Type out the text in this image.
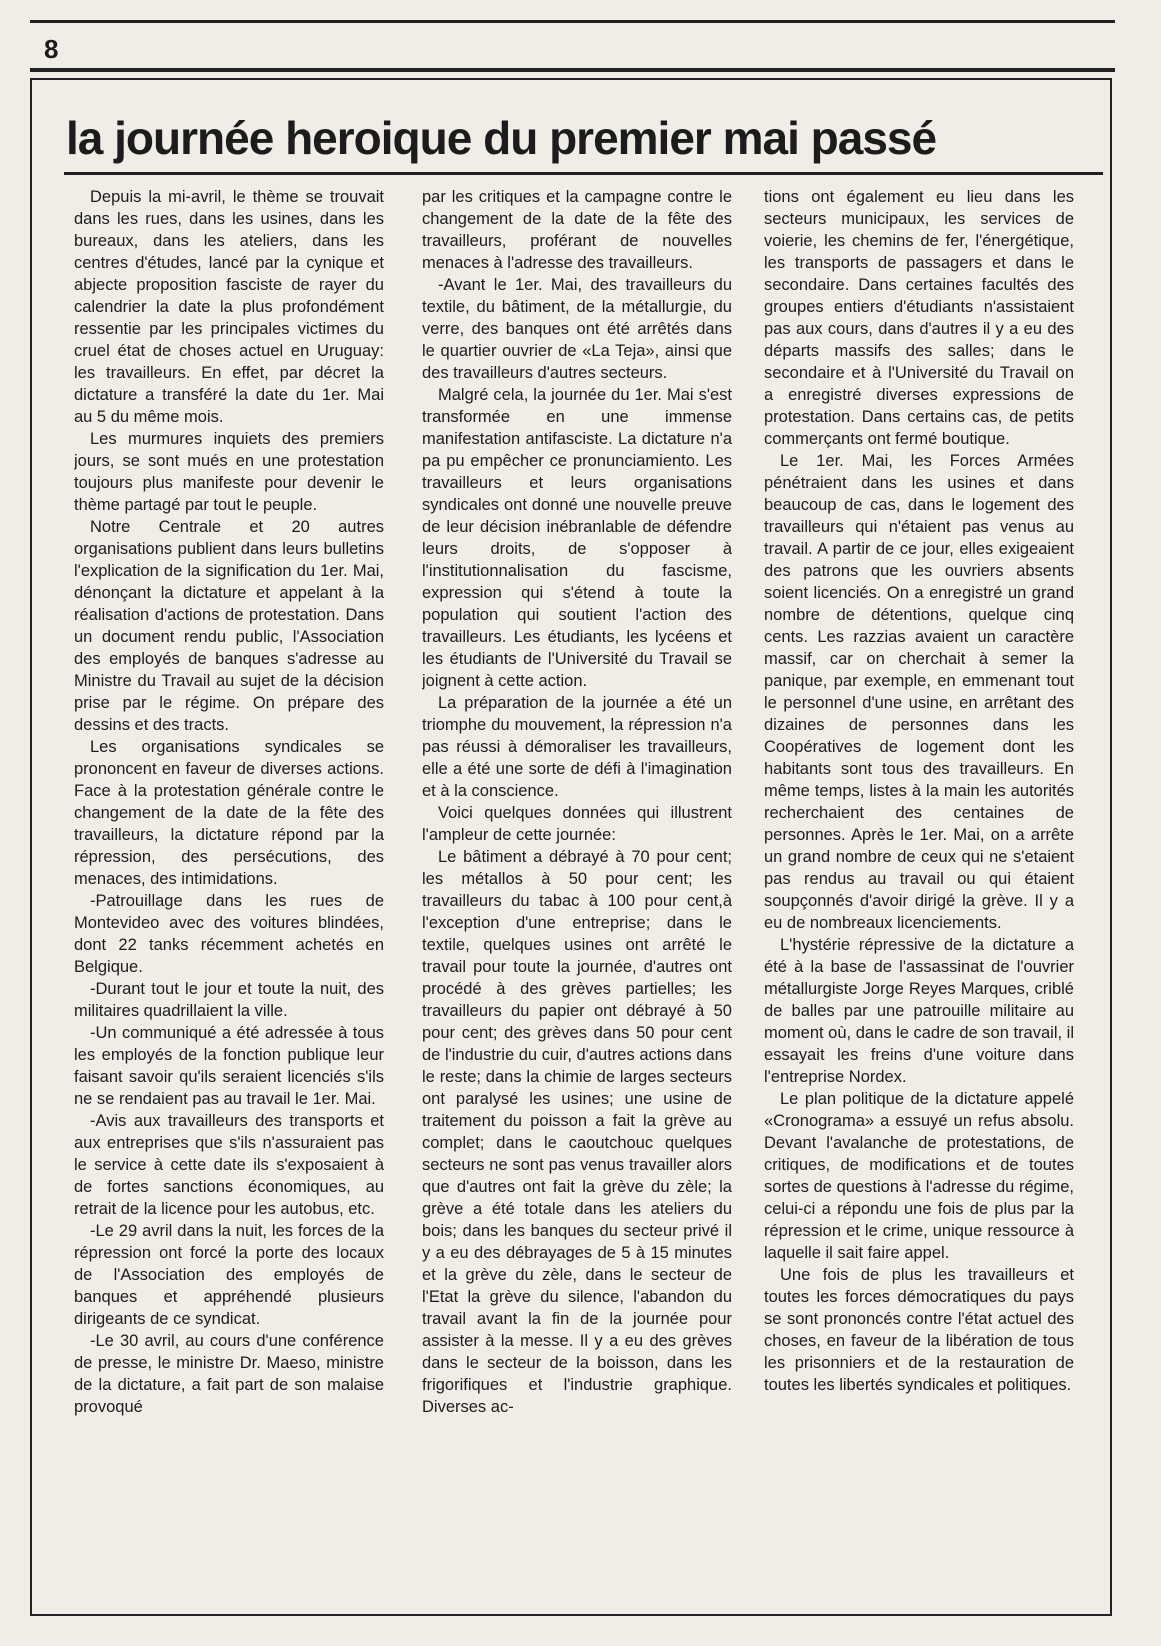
8
la journée heroique du premier mai passé

Depuis la mi-avril, le thème se trouvait dans les rues, dans les usines, dans les bureaux, dans les ateliers, dans les centres d'études, lancé par la cynique et abjecte proposition fasciste de rayer du calendrier la date la plus profondément ressentie par les principales victimes du cruel état de choses actuel en Uruguay: les travailleurs. En effet, par décret la dictature a transféré la date du 1er. Mai au 5 du même mois.

Les murmures inquiets des premiers jours, se sont mués en une protestation toujours plus manifeste pour devenir le thème partagé par tout le peuple.

Notre Centrale et 20 autres organisations publient dans leurs bulletins l'explication de la signification du 1er. Mai, dénonçant la dictature et appelant à la réalisation d'actions de protestation. Dans un document rendu public, l'Association des employés de banques s'adresse au Ministre du Travail au sujet de la décision prise par le régime. On prépare des dessins et des tracts.

Les organisations syndicales se prononcent en faveur de diverses actions. Face à la protestation générale contre le changement de la date de la fête des travailleurs, la dictature répond par la répression, des persécutions, des menaces, des intimidations.

-Patrouillage dans les rues de Montevideo avec des voitures blindées, dont 22 tanks récemment achetés en Belgique.

-Durant tout le jour et toute la nuit, des militaires quadrillaient la ville.

-Un communiqué a été adressée à tous les employés de la fonction publique leur faisant savoir qu'ils seraient licenciés s'ils ne se rendaient pas au travail le 1er. Mai.

-Avis aux travailleurs des transports et aux entreprises que s'ils n'assuraient pas le service à cette date ils s'exposaient à de fortes sanctions économiques, au retrait de la licence pour les autobus, etc.

-Le 29 avril dans la nuit, les forces de la répression ont forcé la porte des locaux de l'Association des employés de banques et appréhendé plusieurs dirigeants de ce syndicat.

-Le 30 avril, au cours d'une conférence de presse, le ministre Dr. Maeso, ministre de la dictature, a fait part de son malaise provoqué

par les critiques et la campagne contre le changement de la date de la fête des travailleurs, proférant de nouvelles menaces à l'adresse des travailleurs.

-Avant le 1er. Mai, des travailleurs du textile, du bâtiment, de la métallurgie, du verre, des banques ont été arrêtés dans le quartier ouvrier de «La Teja», ainsi que des travailleurs d'autres secteurs.

Malgré cela, la journée du 1er. Mai s'est transformée en une immense manifestation antifasciste. La dictature n'a pa pu empêcher ce pronunciamiento. Les travailleurs et leurs organisations syndicales ont donné une nouvelle preuve de leur décision inébranlable de défendre leurs droits, de s'opposer à l'institutionnalisation du fascisme, expression qui s'étend à toute la population qui soutient l'action des travailleurs. Les étudiants, les lycéens et les étudiants de l'Université du Travail se joignent à cette action.

La préparation de la journée a été un triomphe du mouvement, la répression n'a pas réussi à démoraliser les travailleurs, elle a été une sorte de défi à l'imagination et à la conscience.

Voici quelques données qui illustrent l'ampleur de cette journée:

Le bâtiment a débrayé à 70 pour cent; les métallos à 50 pour cent; les travailleurs du tabac à 100 pour cent,à l'exception d'une entreprise; dans le textile, quelques usines ont arrêté le travail pour toute la journée, d'autres ont procédé à des grèves partielles; les travailleurs du papier ont débrayé à 50 pour cent; des grèves dans 50 pour cent de l'industrie du cuir, d'autres actions dans le reste; dans la chimie de larges secteurs ont paralysé les usines; une usine de traitement du poisson a fait la grève au complet; dans le caoutchouc quelques secteurs ne sont pas venus travailler alors que d'autres ont fait la grève du zèle; la grève a été totale dans les ateliers du bois; dans les banques du secteur privé il y a eu des débrayages de 5 à 15 minutes et la grève du zèle, dans le secteur de l'Etat la grève du silence, l'abandon du travail avant la fin de la journée pour assister à la messe. Il y a eu des grèves dans le secteur de la boisson, dans les frigorifiques et l'industrie graphique. Diverses ac-

tions ont également eu lieu dans les secteurs municipaux, les services de voierie, les chemins de fer, l'énergétique, les transports de passagers et dans le secondaire. Dans certaines facultés des groupes entiers d'étudiants n'assistaient pas aux cours, dans d'autres il y a eu des départs massifs des salles; dans le secondaire et à l'Université du Travail on a enregistré diverses expressions de protestation. Dans certains cas, de petits commerçants ont fermé boutique.

Le 1er. Mai, les Forces Armées pénétraient dans les usines et dans beaucoup de cas, dans le logement des travailleurs qui n'étaient pas venus au travail. A partir de ce jour, elles exigeaient des patrons que les ouvriers absents soient licenciés. On a enregistré un grand nombre de détentions, quelque cinq cents. Les razzias avaient un caractère massif, car on cherchait à semer la panique, par exemple, en emmenant tout le personnel d'une usine, en arrêtant des dizaines de personnes dans les Coopératives de logement dont les habitants sont tous des travailleurs. En même temps, listes à la main les autorités recherchaient des centaines de personnes. Après le 1er. Mai, on a arrête un grand nombre de ceux qui ne s'etaient pas rendus au travail ou qui étaient soupçonnés d'avoir dirigé la grève. Il y a eu de nombreaux licenciements.

L'hystérie répressive de la dictature a été à la base de l'assassinat de l'ouvrier métallurgiste Jorge Reyes Marques, criblé de balles par une patrouille militaire au moment où, dans le cadre de son travail, il essayait les freins d'une voiture dans l'entreprise Nordex.

Le plan politique de la dictature appelé «Cronograma» a essuyé un refus absolu. Devant l'avalanche de protestations, de critiques, de modifications et de toutes sortes de questions à l'adresse du régime, celui-ci a répondu une fois de plus par la répression et le crime, unique ressource à laquelle il sait faire appel.

Une fois de plus les travailleurs et toutes les forces démocratiques du pays se sont prononcés contre l'état actuel des choses, en faveur de la libération de tous les prisonniers et de la restauration de toutes les libertés syndicales et politiques.
